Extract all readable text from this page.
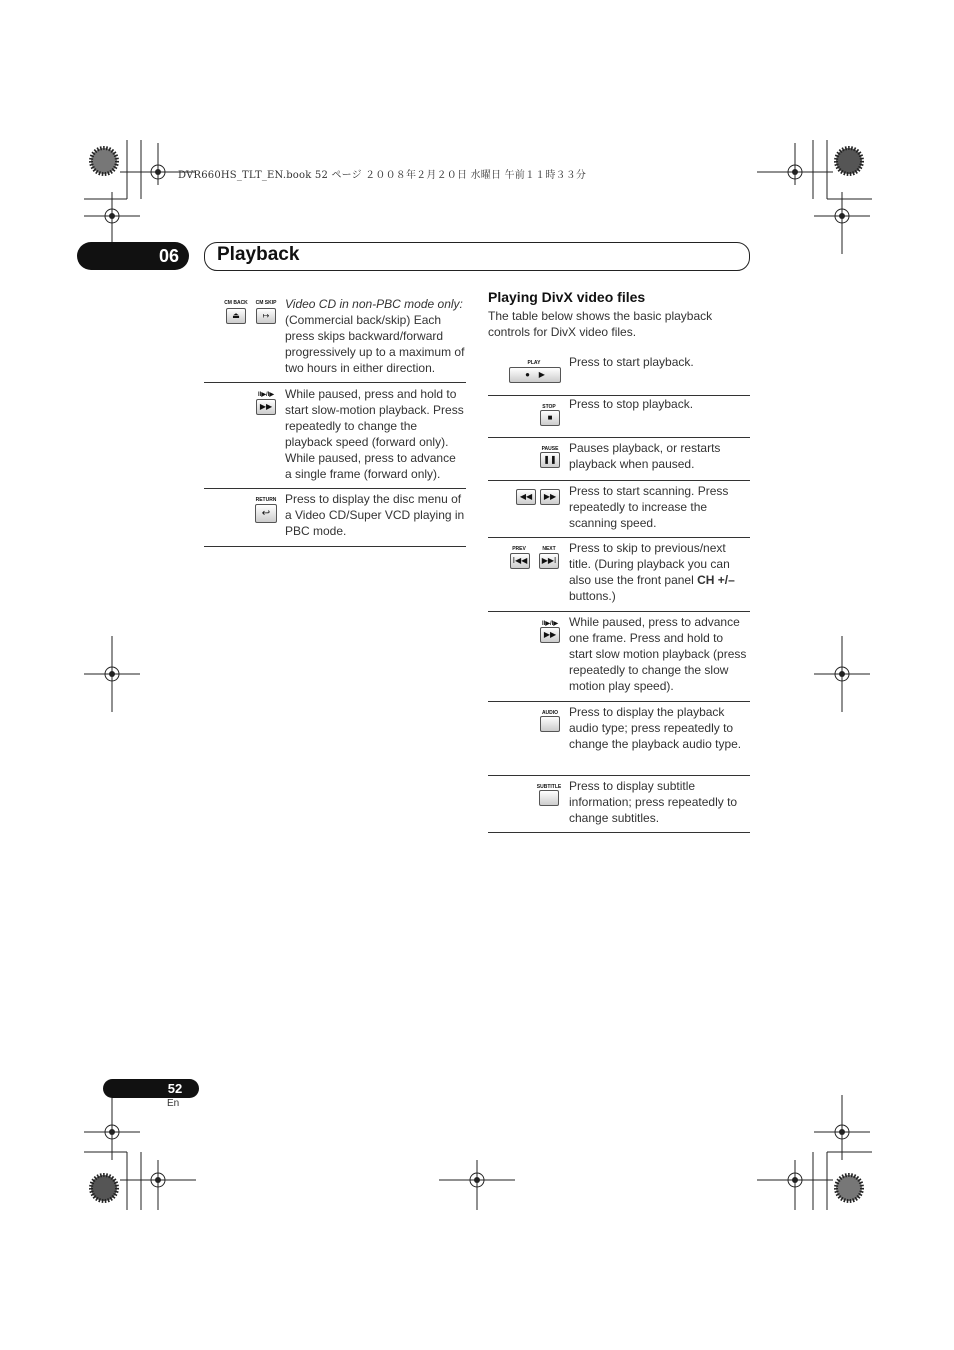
DVR660HS_TLT_EN.book 52 ページ ２００８年２月２０日 水曜日 午前１１時３３分
06	Playback
CM BACK
⏏
CM SKIP
↦
Video CD in non-PBC mode only: (Commercial back/skip) Each press skips backward/forward progressively up to a maximum of two hours in either direction.
II▶/I▶
▶▶
While paused, press and hold to start slow-motion playback. Press repeatedly to change the playback speed (forward only). While paused, press to advance a single frame (forward only).
RETURN
↩
Press to display the disc menu of a Video CD/Super VCD playing in PBC mode.
Playing DivX video files
The table below shows the basic playback controls for DivX video files.
PLAY
●    ▶
Press to start playback.
STOP
■
Press to stop playback.
PAUSE
❚❚
Pauses playback, or restarts playback when paused.
◀◀	▶▶ Press to start scanning. Press repeatedly to increase the scanning speed.
PREV
I◀◀
NEXT
▶▶I
Press to skip to previous/next title. (During playback you can also use the front panel CH +/– buttons.)
II▶/I▶
▶▶
While paused, press to advance one frame. Press and hold to start slow motion playback (press repeatedly to change the slow motion play speed).
AUDIO Press to display the playback audio type; press repeatedly to change the playback audio type.
SUBTITLE Press to display subtitle information; press repeatedly to change subtitles.
52
En
